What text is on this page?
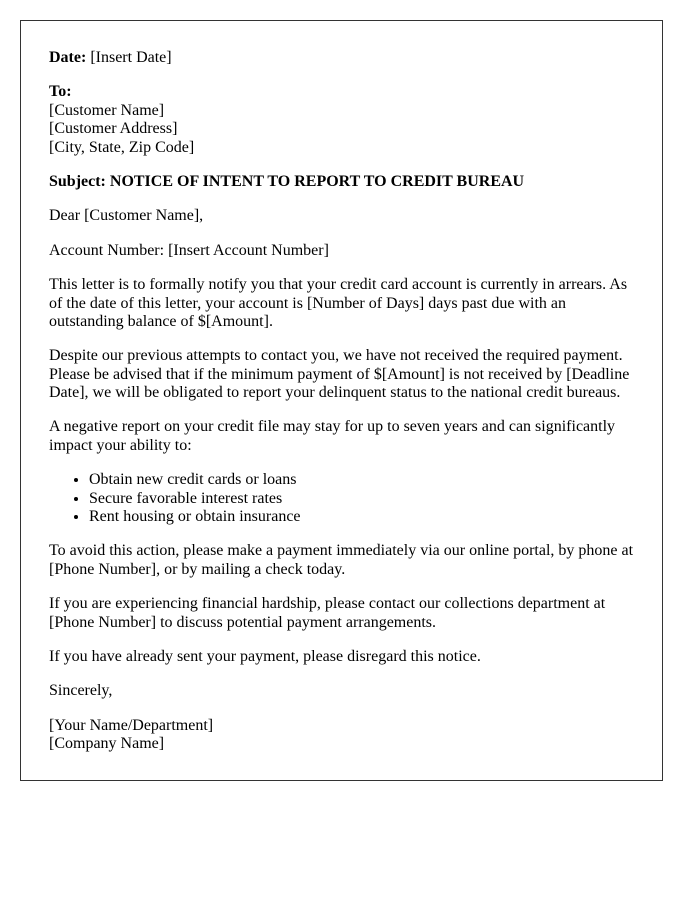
Date: [Insert Date]

To:
[Customer Name]
[Customer Address]
[City, State, Zip Code]

Subject: NOTICE OF INTENT TO REPORT TO CREDIT BUREAU

Dear [Customer Name],

Account Number: [Insert Account Number]

This letter is to formally notify you that your credit card account is currently in arrears. As of the date of this letter, your account is [Number of Days] days past due with an outstanding balance of $[Amount].

Despite our previous attempts to contact you, we have not received the required payment. Please be advised that if the minimum payment of $[Amount] is not received by [Deadline Date], we will be obligated to report your delinquent status to the national credit bureaus.

A negative report on your credit file may stay for up to seven years and can significantly impact your ability to:

• Obtain new credit cards or loans
• Secure favorable interest rates
• Rent housing or obtain insurance

To avoid this action, please make a payment immediately via our online portal, by phone at [Phone Number], or by mailing a check today.

If you are experiencing financial hardship, please contact our collections department at [Phone Number] to discuss potential payment arrangements.

If you have already sent your payment, please disregard this notice.

Sincerely,

[Your Name/Department]
[Company Name]
